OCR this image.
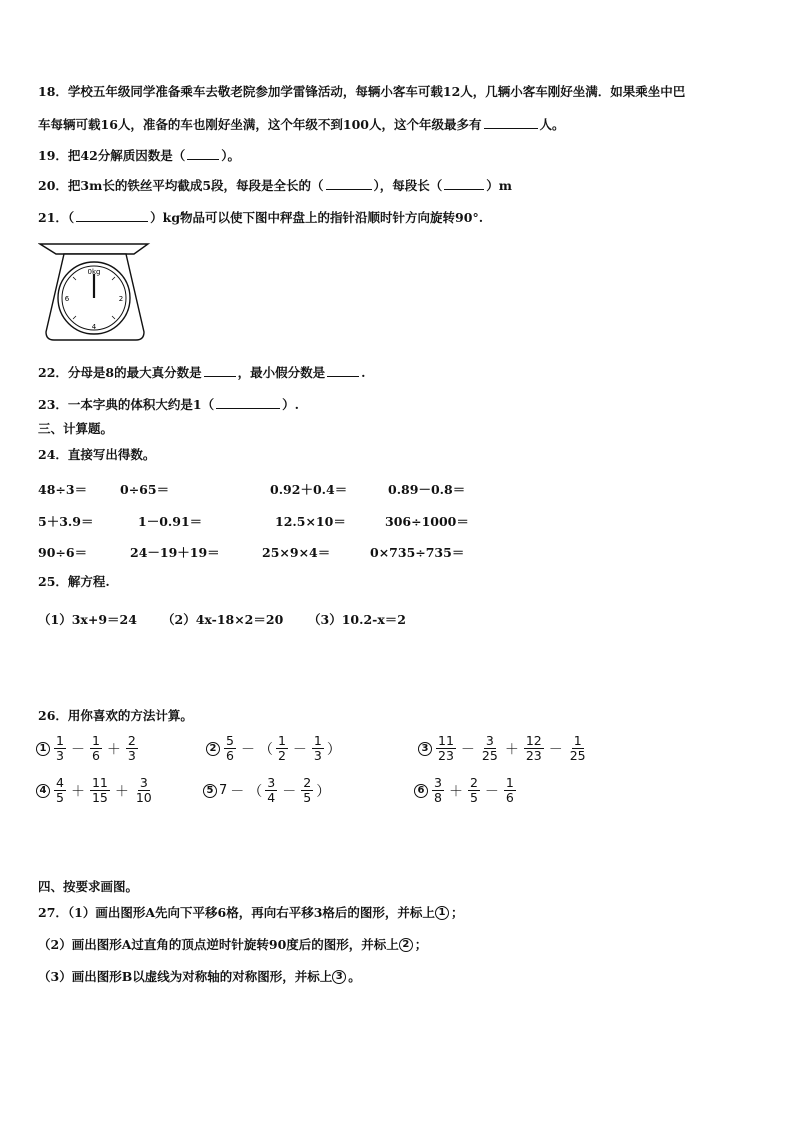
18．学校五年级同学准备乘车去敬老院参加学雷锋活动，每辆小客车可载12人，几辆小客车刚好坐满．如果乘坐中巴
车每辆可载16人，准备的车也刚好坐满，这个年级不到100人，这个年级最多有	人。
19．把42分解质因数是（	）。
20．把3m长的铁丝平均截成5段，每段是全长的（	），每段长（	）m
21．（	）kg物品可以使下图中秤盘上的指针沿顺时针方向旋转90°.
0kg
2
4
6
22．分母是8的最大真分数是	，最小假分数是	.
23．一本字典的体积大约是1（	）.
三、计算题。
24．直接写出得数。
48÷3＝	0÷65＝	0.92＋0.4＝	0.89－0.8＝
5＋3.9＝	1－0.91＝	12.5×10＝	306÷1000＝
90÷6＝	24－19＋19＝	25×9×4＝	0×735÷735＝
25．解方程.
（1）3x+9＝24 （2）4x-18×2＝20 （3）10.2-x＝2
26．用你喜欢的方法计算。
$1 \frac{1}{3} - \frac{1}{6} + \frac{2}{3}$	$2 \frac{5}{6}$ － （ $\frac{1}{2} - \frac{1}{3}$ ）	$3 \frac{11}{23} - \frac{3}{25} + \frac{12}{23} - \frac{1}{25}$
$4 \frac{4}{5} + \frac{11}{15} + \frac{3}{10}$	5 7 － （ $\frac{3}{4} - \frac{2}{5}$ ）	$6 \frac{3}{8} + \frac{2}{5} - \frac{1}{6}$
四、按要求画图。
27．（1）画出图形A先向下平移6格，再向右平移3格后的图形，并标上 1 ；
（2）画出图形A过直角的顶点逆时针旋转90度后的图形，并标上 2 ；
（3）画出图形B以虚线为对称轴的对称图形，并标上 3 。
